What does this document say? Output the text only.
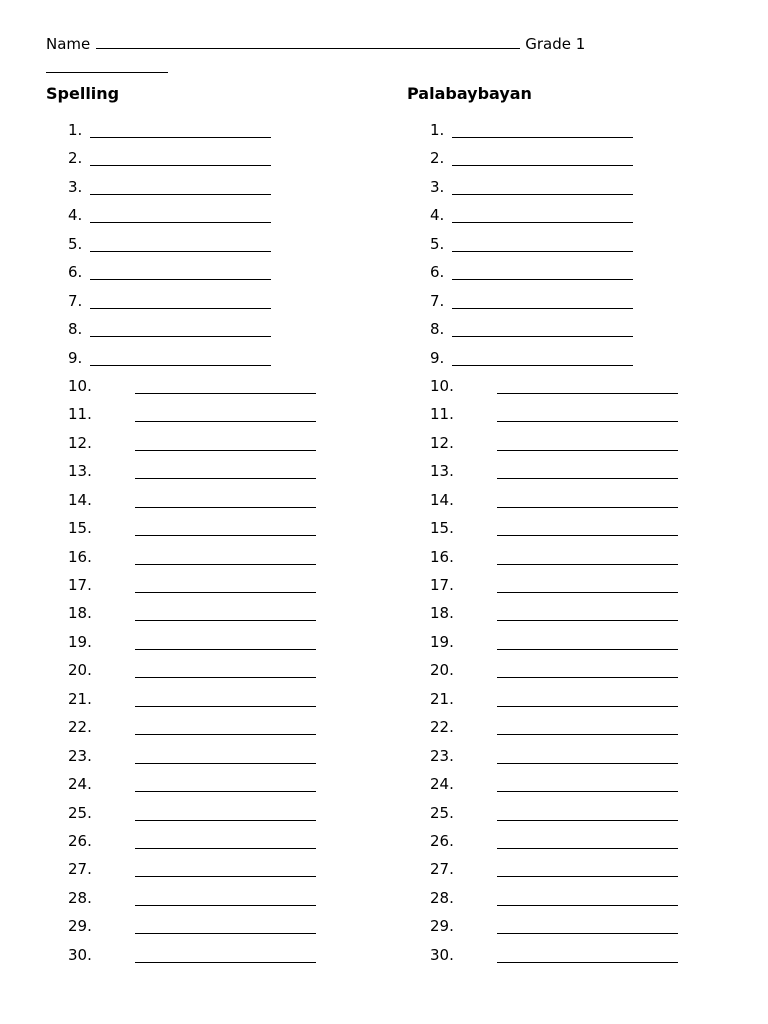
Name	Grade 1
Spelling	Palabaybayan
1.
2.
3.
4.
5.
6.
7.
8.
9.
10.
11.
12.
13.
14.
15.
16.
17.
18.
19.
20.
21.
22.
23.
24.
25.
26.
27.
28.
29.
30.
1.
2.
3.
4.
5.
6.
7.
8.
9.
10.
11.
12.
13.
14.
15.
16.
17.
18.
19.
20.
21.
22.
23.
24.
25.
26.
27.
28.
29.
30.
